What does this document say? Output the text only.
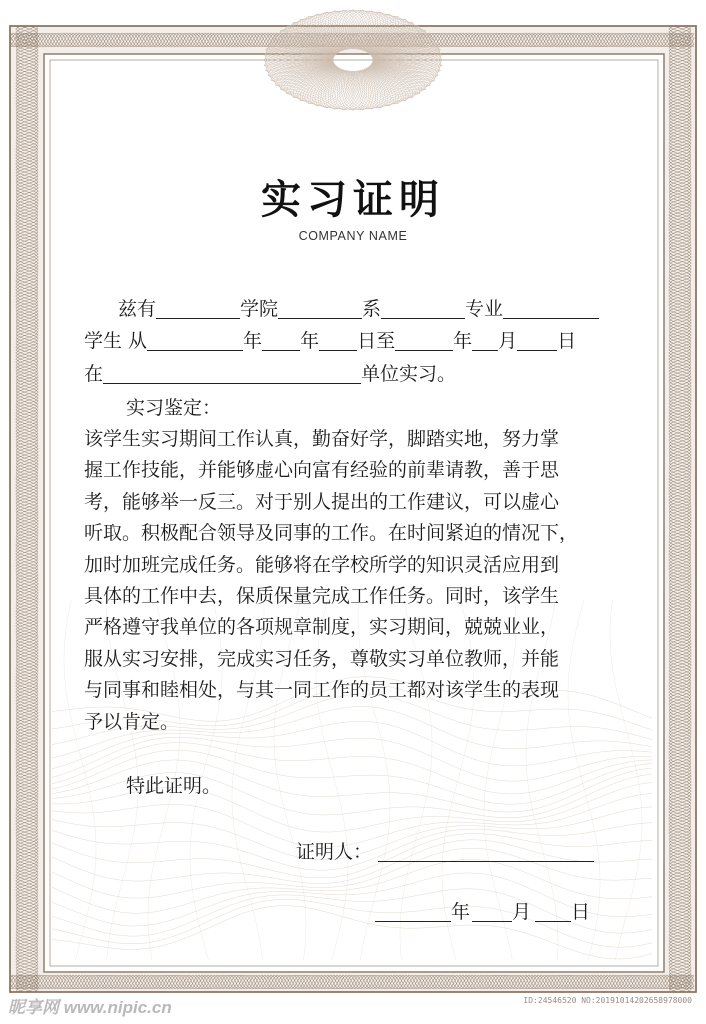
实习证明
COMPANY NAME
兹有	学院	系	专业
学生 从	年 年 日至	年 月 日
在	单位实习。
实习鉴定：
该学生实习期间工作认真，勤奋好学，脚踏实地，努力掌
握工作技能，并能够虚心向富有经验的前辈请教，善于思
考，能够举一反三。对于别人提出的工作建议，可以虚心
听取。积极配合领导及同事的工作。在时间紧迫的情况下，
加时加班完成任务。能够将在学校所学的知识灵活应用到
具体的工作中去，保质保量完成工作任务。同时，该学生
严格遵守我单位的各项规章制度，实习期间，兢兢业业，
服从实习安排，完成实习任务，尊敬实习单位教师，并能
与同事和睦相处，与其一同工作的员工都对该学生的表现
予以肯定。
特此证明。
证明人：
年 月 日
昵享网 www.nipic.cn	ID:24546520 NO:20191014202658978000
